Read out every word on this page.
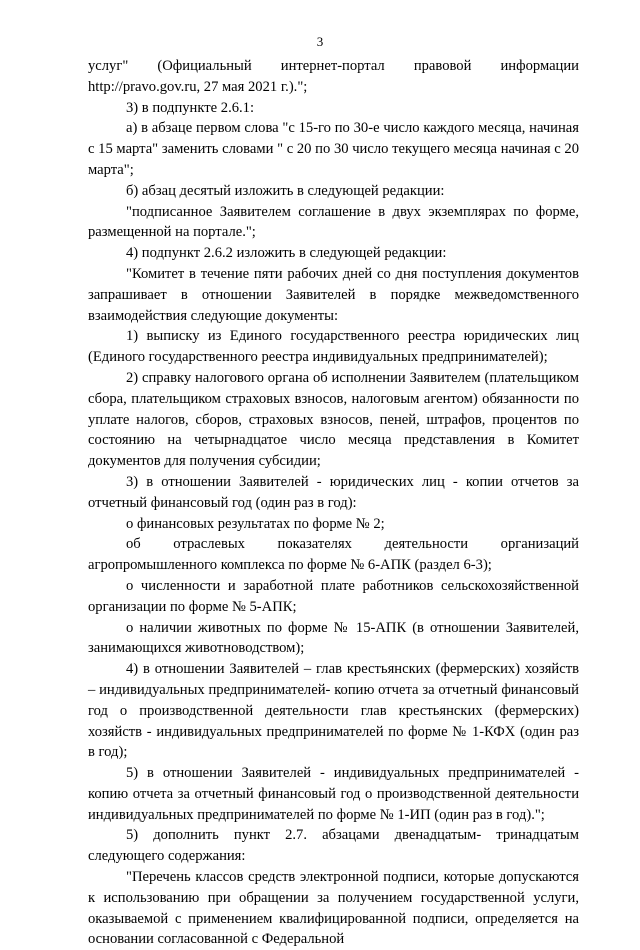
3

услуг" (Официальный интернет-портал правовой информации http://pravo.gov.ru, 27 мая 2021 г.).";

3) в подпункте 2.6.1:

а) в абзаце первом слова "с 15-го по 30-е число каждого месяца, начиная с 15 марта" заменить словами " с 20 по 30 число текущего месяца начиная с 20 марта";

б) абзац десятый изложить в следующей редакции:

"подписанное Заявителем соглашение в двух экземплярах по форме, размещенной на портале.";

4) подпункт 2.6.2 изложить в следующей редакции:

"Комитет в течение пяти рабочих дней со дня поступления документов запрашивает в отношении Заявителей в порядке межведомственного взаимодействия следующие документы:

1) выписку из Единого государственного реестра юридических лиц (Единого государственного реестра индивидуальных предпринимателей);

2) справку налогового органа об исполнении Заявителем (плательщиком сбора, плательщиком страховых взносов, налоговым агентом) обязанности по уплате налогов, сборов, страховых взносов, пеней, штрафов, процентов по состоянию на четырнадцатое число месяца представления в Комитет документов для получения субсидии;

3) в отношении Заявителей - юридических лиц - копии отчетов за отчетный финансовый год (один раз в год):

о финансовых результатах по форме № 2;

об отраслевых показателях деятельности организаций агропромышленного комплекса по форме № 6-АПК (раздел 6-3);

о численности и заработной плате работников сельскохозяйственной организации по форме № 5-АПК;

о наличии животных по форме № 15-АПК (в отношении Заявителей, занимающихся животноводством);

4) в отношении Заявителей – глав крестьянских (фермерских) хозяйств – индивидуальных предпринимателей- копию отчета за отчетный финансовый год о производственной деятельности глав крестьянских (фермерских) хозяйств - индивидуальных предпринимателей по форме № 1-КФХ (один раз в год);

5) в отношении Заявителей - индивидуальных предпринимателей - копию отчета за отчетный финансовый год о производственной деятельности индивидуальных предпринимателей по форме № 1-ИП (один раз в год).";

5) дополнить пункт 2.7. абзацами двенадцатым- тринадцатым следующего содержания:

"Перечень классов средств электронной подписи, которые допускаются к использованию при обращении за получением государственной услуги, оказываемой с применением квалифицированной подписи, определяется на основании согласованной с Федеральной
